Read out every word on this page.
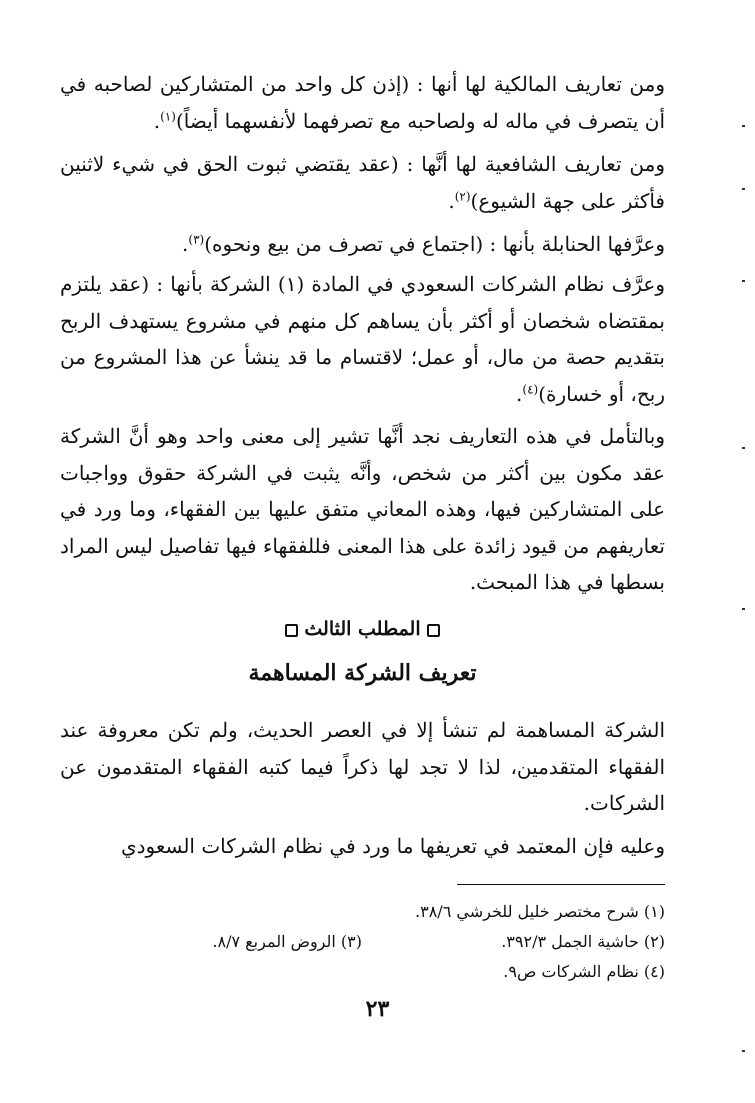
ومن تعاريف المالكية لها أنها : (إذن كل واحد من المتشاركين لصاحبه في أن يتصرف في ماله له ولصاحبه مع تصرفهما لأنفسهما أيضاً)$^{(١)}$.

ومن تعاريف الشافعية لها أنَّها : (عقد يقتضي ثبوت الحق في شيء لاثنين فأكثر على جهة الشيوع)$^{(٢)}$.

وعرَّفها الحنابلة بأنها : (اجتماع في تصرف من بيع ونحوه)$^{(٣)}$.

وعرَّف نظام الشركات السعودي في المادة (١) الشركة بأنها : (عقد يلتزم بمقتضاه شخصان أو أكثر بأن يساهم كل منهم في مشروع يستهدف الربح بتقديم حصة من مال، أو عمل؛ لاقتسام ما قد ينشأ عن هذا المشروع من ربح، أو خسارة)$^{(٤)}$.

وبالتأمل في هذه التعاريف نجد أنَّها تشير إلى معنى واحد وهو أنَّ الشركة عقد مكون بين أكثر من شخص، وأنَّه يثبت في الشركة حقوق وواجبات على المتشاركين فيها، وهذه المعاني متفق عليها بين الفقهاء، وما ورد في تعاريفهم من قيود زائدة على هذا المعنى فللفقهاء فيها تفاصيل ليس المراد بسطها في هذا المبحث.

المطلب الثالث
تعريف الشركة المساهمة

الشركة المساهمة لم تنشأ إلا في العصر الحديث، ولم تكن معروفة عند الفقهاء المتقدمين، لذا لا تجد لها ذكراً فيما كتبه الفقهاء المتقدمون عن الشركات.

وعليه فإن المعتمد في تعريفها ما ورد في نظام الشركات السعودي

(١) شرح مختصر خليل للخرشي ٣٨/٦.
(٢) حاشية الجمل ٣٩٢/٣.
(٣) الروض المربع ٨/٧.
(٤) نظام الشركات ص٩.
٢٣
